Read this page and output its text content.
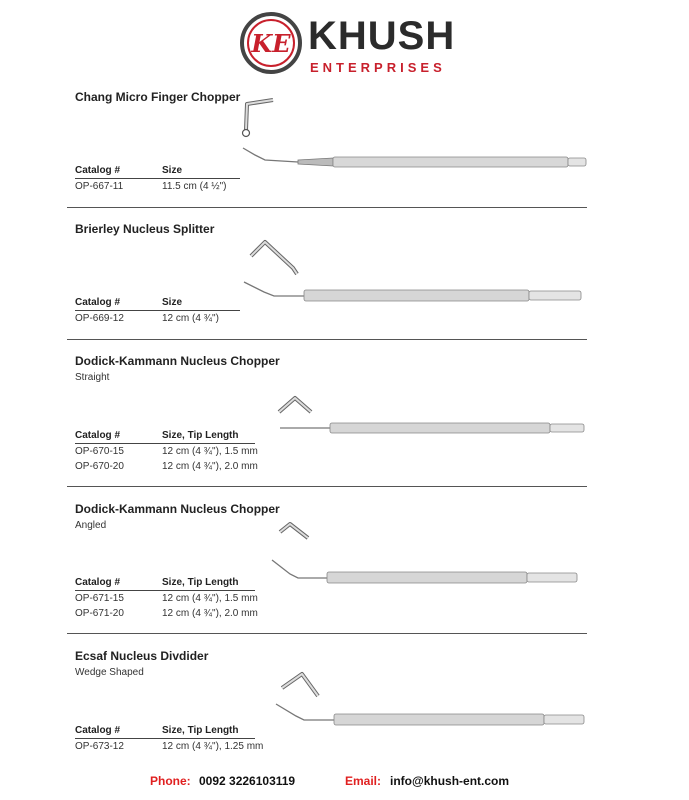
KE KHUSH
ENTERPRISES
Chang Micro Finger Chopper
Catalog #	Size
OP-667-11	11.5 cm (4 ½")
Brierley Nucleus Splitter
Catalog #	Size
OP-669-12	12 cm (4 ¾")
Dodick-Kammann Nucleus Chopper
Straight
Catalog #	Size, Tip Length
OP-670-15	12 cm (4 ¾"), 1.5 mm
OP-670-20	12 cm (4 ¾"), 2.0 mm
Dodick-Kammann Nucleus Chopper
Angled
Catalog #	Size, Tip Length
OP-671-15	12 cm (4 ¾"), 1.5 mm
OP-671-20	12 cm (4 ¾"), 2.0 mm
Ecsaf Nucleus Divdider
Wedge Shaped
Catalog #	Size, Tip Length
OP-673-12	12 cm (4 ¾"), 1.25 mm
Phone: 0092 3226103119	Email: info@khush-ent.com
